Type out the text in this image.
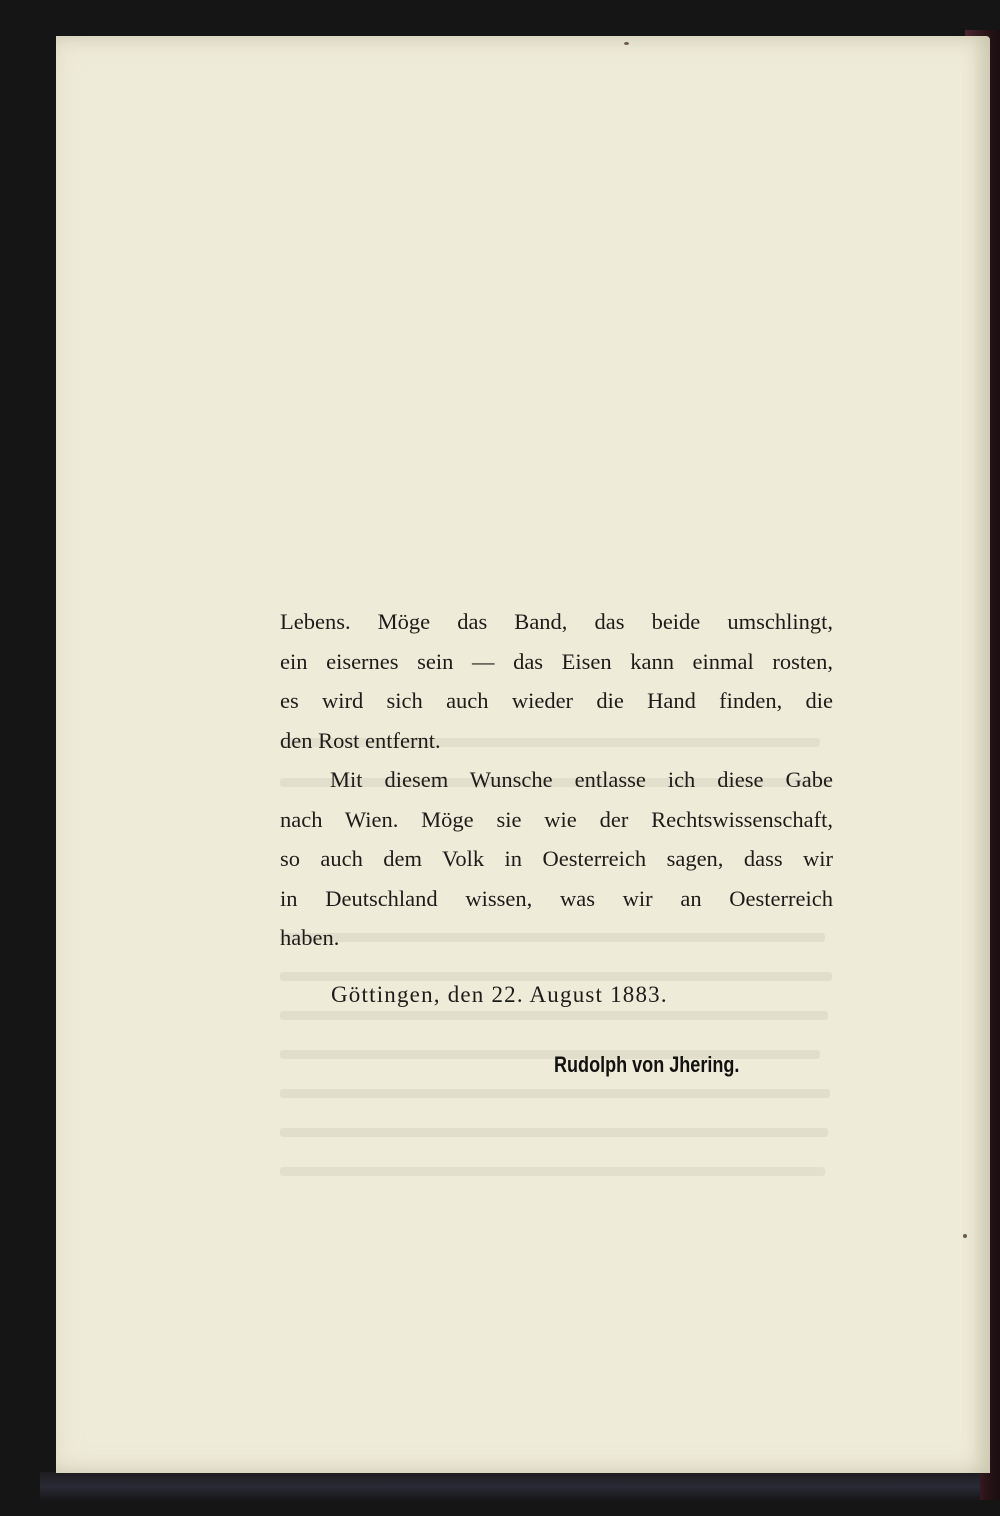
Lebens. Möge das Band, das beide umschlingt,
ein eisernes sein — das Eisen kann einmal rosten,
es wird sich auch wieder die Hand finden, die
den Rost entfernt.
Mit diesem Wunsche entlasse ich diese Gabe
nach Wien. Möge sie wie der Rechtswissenschaft,
so auch dem Volk in Oesterreich sagen, dass wir
in Deutschland wissen, was wir an Oesterreich
haben.
Göttingen, den 22. August 1883.
Rudolph von Jhering.
